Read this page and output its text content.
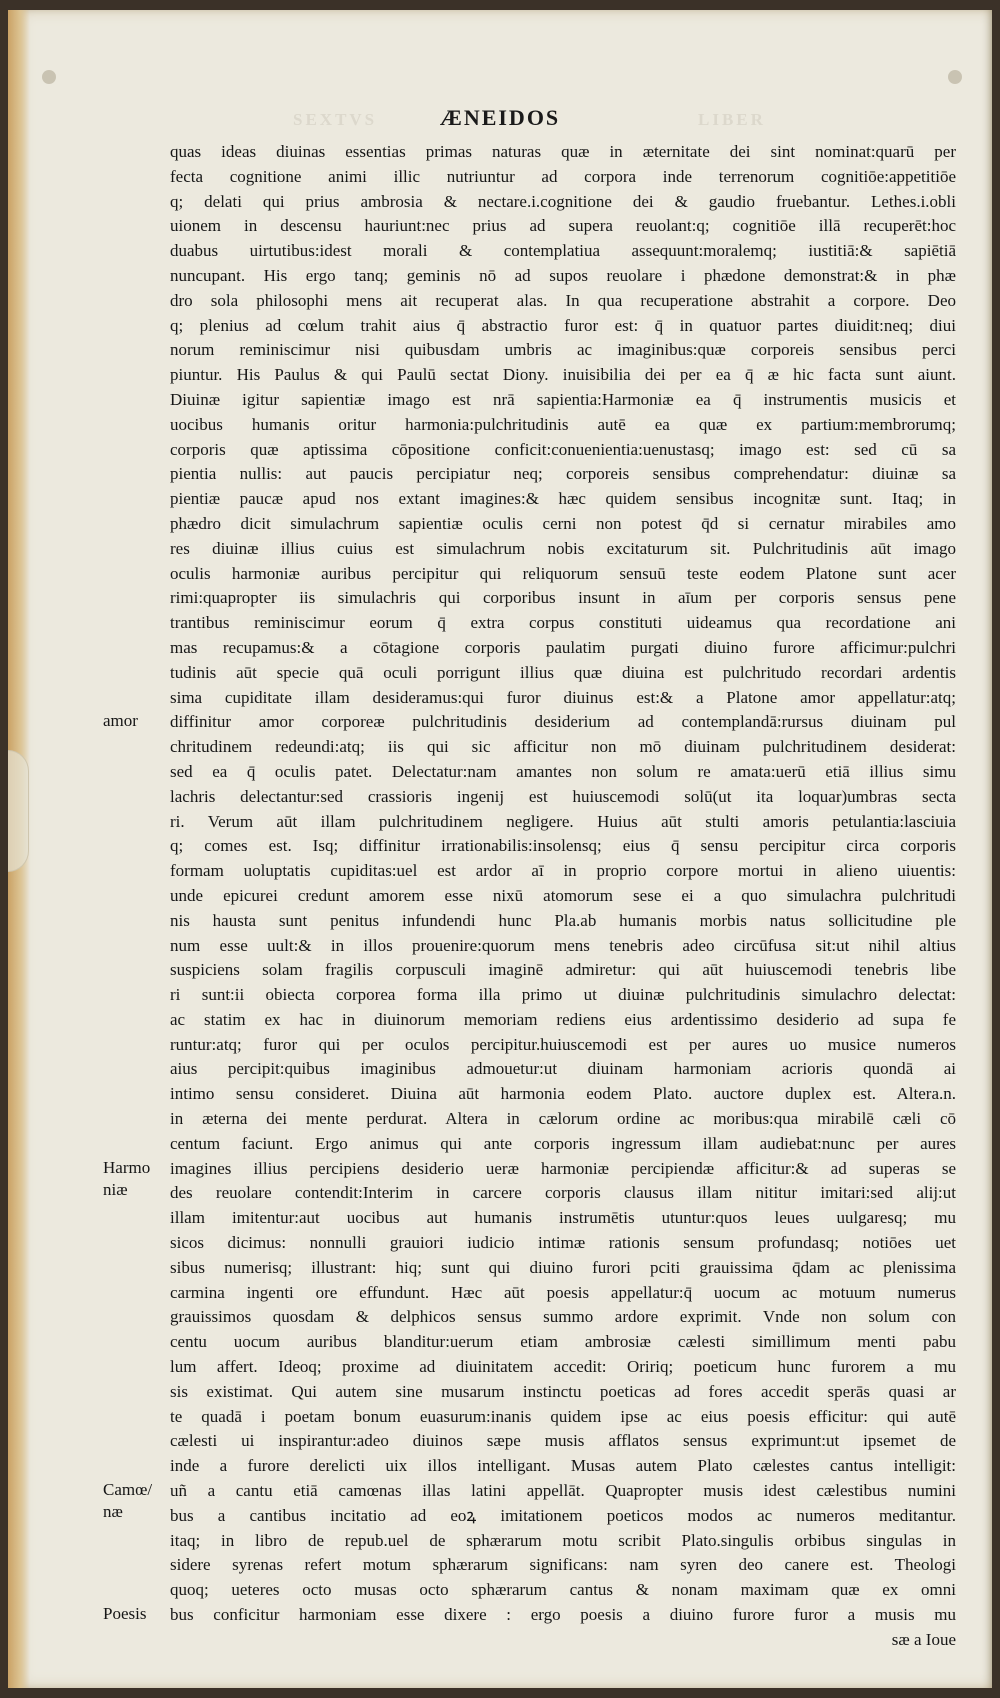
SEXTVS	LIBER
ÆNEIDOS
quas ideas diuinas essentias primas naturas quæ in æternitate dei sint nominat:quarū per
fecta cognitione animi illic nutriuntur ad corpora inde terrenorum cognitiōe:appetitiōe
q; delati qui prius ambrosia & nectare.i.cognitione dei & gaudio fruebantur. Lethes.i.obli
uionem in descensu hauriunt:nec prius ad supera reuolant:q; cognitiōe illā recuperēt:hoc
duabus uirtutibus:idest morali & contemplatiua assequunt:moralemq; iustitiā:& sapiētiā
nuncupant. His ergo tanq; geminis nō ad supos reuolare i phædone demonstrat:& in phæ
dro sola philosophi mens ait recuperat alas. In qua recuperatione abstrahit a corpore. Deo
q; plenius ad cœlum trahit aius q̄ abstractio furor est: q̄ in quatuor partes diuidit:neq; diui
norum reminiscimur nisi quibusdam umbris ac imaginibus:quæ corporeis sensibus perci
piuntur. His Paulus & qui Paulū sectat Diony. inuisibilia dei per ea q̄ æ hic facta sunt aiunt.
Diuinæ igitur sapientiæ imago est nrā sapientia:Harmoniæ ea q̄ instrumentis musicis et
uocibus humanis oritur harmonia:pulchritudinis autē ea quæ ex partium:membrorumq;
corporis quæ aptissima cōpositione conficit:conuenientia:uenustasq; imago est: sed cū sa
pientia nullis: aut paucis percipiatur neq; corporeis sensibus comprehendatur: diuinæ sa
pientiæ paucæ apud nos extant imagines:& hæc quidem sensibus incognitæ sunt. Itaq; in
phædro dicit simulachrum sapientiæ oculis cerni non potest q̄d si cernatur mirabiles amo
res diuinæ illius cuius est simulachrum nobis excitaturum sit. Pulchritudinis aūt imago
oculis harmoniæ auribus percipitur qui reliquorum sensuū teste eodem Platone sunt acer
rimi:quapropter iis simulachris qui corporibus insunt in aīum per corporis sensus pene
trantibus reminiscimur eorum q̄ extra corpus constituti uideamus qua recordatione ani
mas recupamus:& a cōtagione corporis paulatim purgati diuino furore afficimur:pulchri
tudinis aūt specie quā oculi porrigunt illius quæ diuina est pulchritudo recordari ardentis
sima cupiditate illam desideramus:qui furor diuinus est:& a Platone amor appellatur:atq;
diffinitur amor corporeæ pulchritudinis desiderium ad contemplandā:rursus diuinam pul
chritudinem redeundi:atq; iis qui sic afficitur non mō diuinam pulchritudinem desiderat:
sed ea q̄ oculis patet. Delectatur:nam amantes non solum re amata:uerū etiā illius simu
lachris delectantur:sed crassioris ingenij est huiuscemodi solū(ut ita loquar)umbras secta
ri. Verum aūt illam pulchritudinem negligere. Huius aūt stulti amoris petulantia:lasciuia
q; comes est. Isq; diffinitur irrationabilis:insolensq; eius q̄ sensu percipitur circa corporis
formam uoluptatis cupiditas:uel est ardor aī in proprio corpore mortui in alieno uiuentis:
unde epicurei credunt amorem esse nixū atomorum sese ei a quo simulachra pulchritudi
nis hausta sunt penitus infundendi hunc Pla.ab humanis morbis natus sollicitudine ple
num esse uult:& in illos prouenire:quorum mens tenebris adeo circūfusa sit:ut nihil altius
suspiciens solam fragilis corpusculi imaginē admiretur: qui aūt huiuscemodi tenebris libe
ri sunt:ii obiecta corporea forma illa primo ut diuinæ pulchritudinis simulachro delectat:
ac statim ex hac in diuinorum memoriam rediens eius ardentissimo desiderio ad supa fe
runtur:atq; furor qui per oculos percipitur.huiuscemodi est per aures uo musice numeros
aius percipit:quibus imaginibus admouetur:ut diuinam harmoniam acrioris quondā ai
intimo sensu consideret. Diuina aūt harmonia eodem Plato. auctore duplex est. Altera.n.
in æterna dei mente perdurat. Altera in cælorum ordine ac moribus:qua mirabilē cæli cō
centum faciunt. Ergo animus qui ante corporis ingressum illam audiebat:nunc per aures
imagines illius percipiens desiderio ueræ harmoniæ percipiendæ afficitur:& ad superas se
des reuolare contendit:Interim in carcere corporis clausus illam nititur imitari:sed alij:ut
illam imitentur:aut uocibus aut humanis instrumētis utuntur:quos leues uulgaresq; mu
sicos dicimus: nonnulli grauiori iudicio intimæ rationis sensum profundasq; notiōes uet
sibus numerisq; illustrant: hiq; sunt qui diuino furori pciti grauissima q̄dam ac plenissima
carmina ingenti ore effundunt. Hæc aūt poesis appellatur:q̄ uocum ac motuum numerus
grauissimos quosdam & delphicos sensus summo ardore exprimit. Vnde non solum con
centu uocum auribus blanditur:uerum etiam ambrosiæ cælesti simillimum menti pabu
lum affert. Ideoq; proxime ad diuinitatem accedit: Oririq; poeticum hunc furorem a mu
sis existimat. Qui autem sine musarum instinctu poeticas ad fores accedit sperās quasi ar
te quadā i poetam bonum euasurum:inanis quidem ipse ac eius poesis efficitur: qui autē
cælesti ui inspirantur:adeo diuinos sæpe musis afflatos sensus exprimunt:ut ipsemet de
inde a furore derelicti uix illos intelligant. Musas autem Plato cælestes cantus intelligit:
uñ a cantu etiā camœnas illas latini appellāt. Quapropter musis idest cælestibus numini
bus a cantibus incitatio ad eoꝝ imitationem poeticos modos ac numeros meditantur.
itaq; in libro de repub.uel de sphærarum motu scribit Plato.singulis orbibus singulas in
sidere syrenas refert motum sphærarum significans: nam syren deo canere est. Theologi
quoq; ueteres octo musas octo sphærarum cantus & nonam maximam quæ ex omni
bus conficitur harmoniam esse dixere : ergo poesis a diuino furore furor a musis mu
sæ a Ioue
amor
Harmo niæ
Camœ/ næ
Poesis
